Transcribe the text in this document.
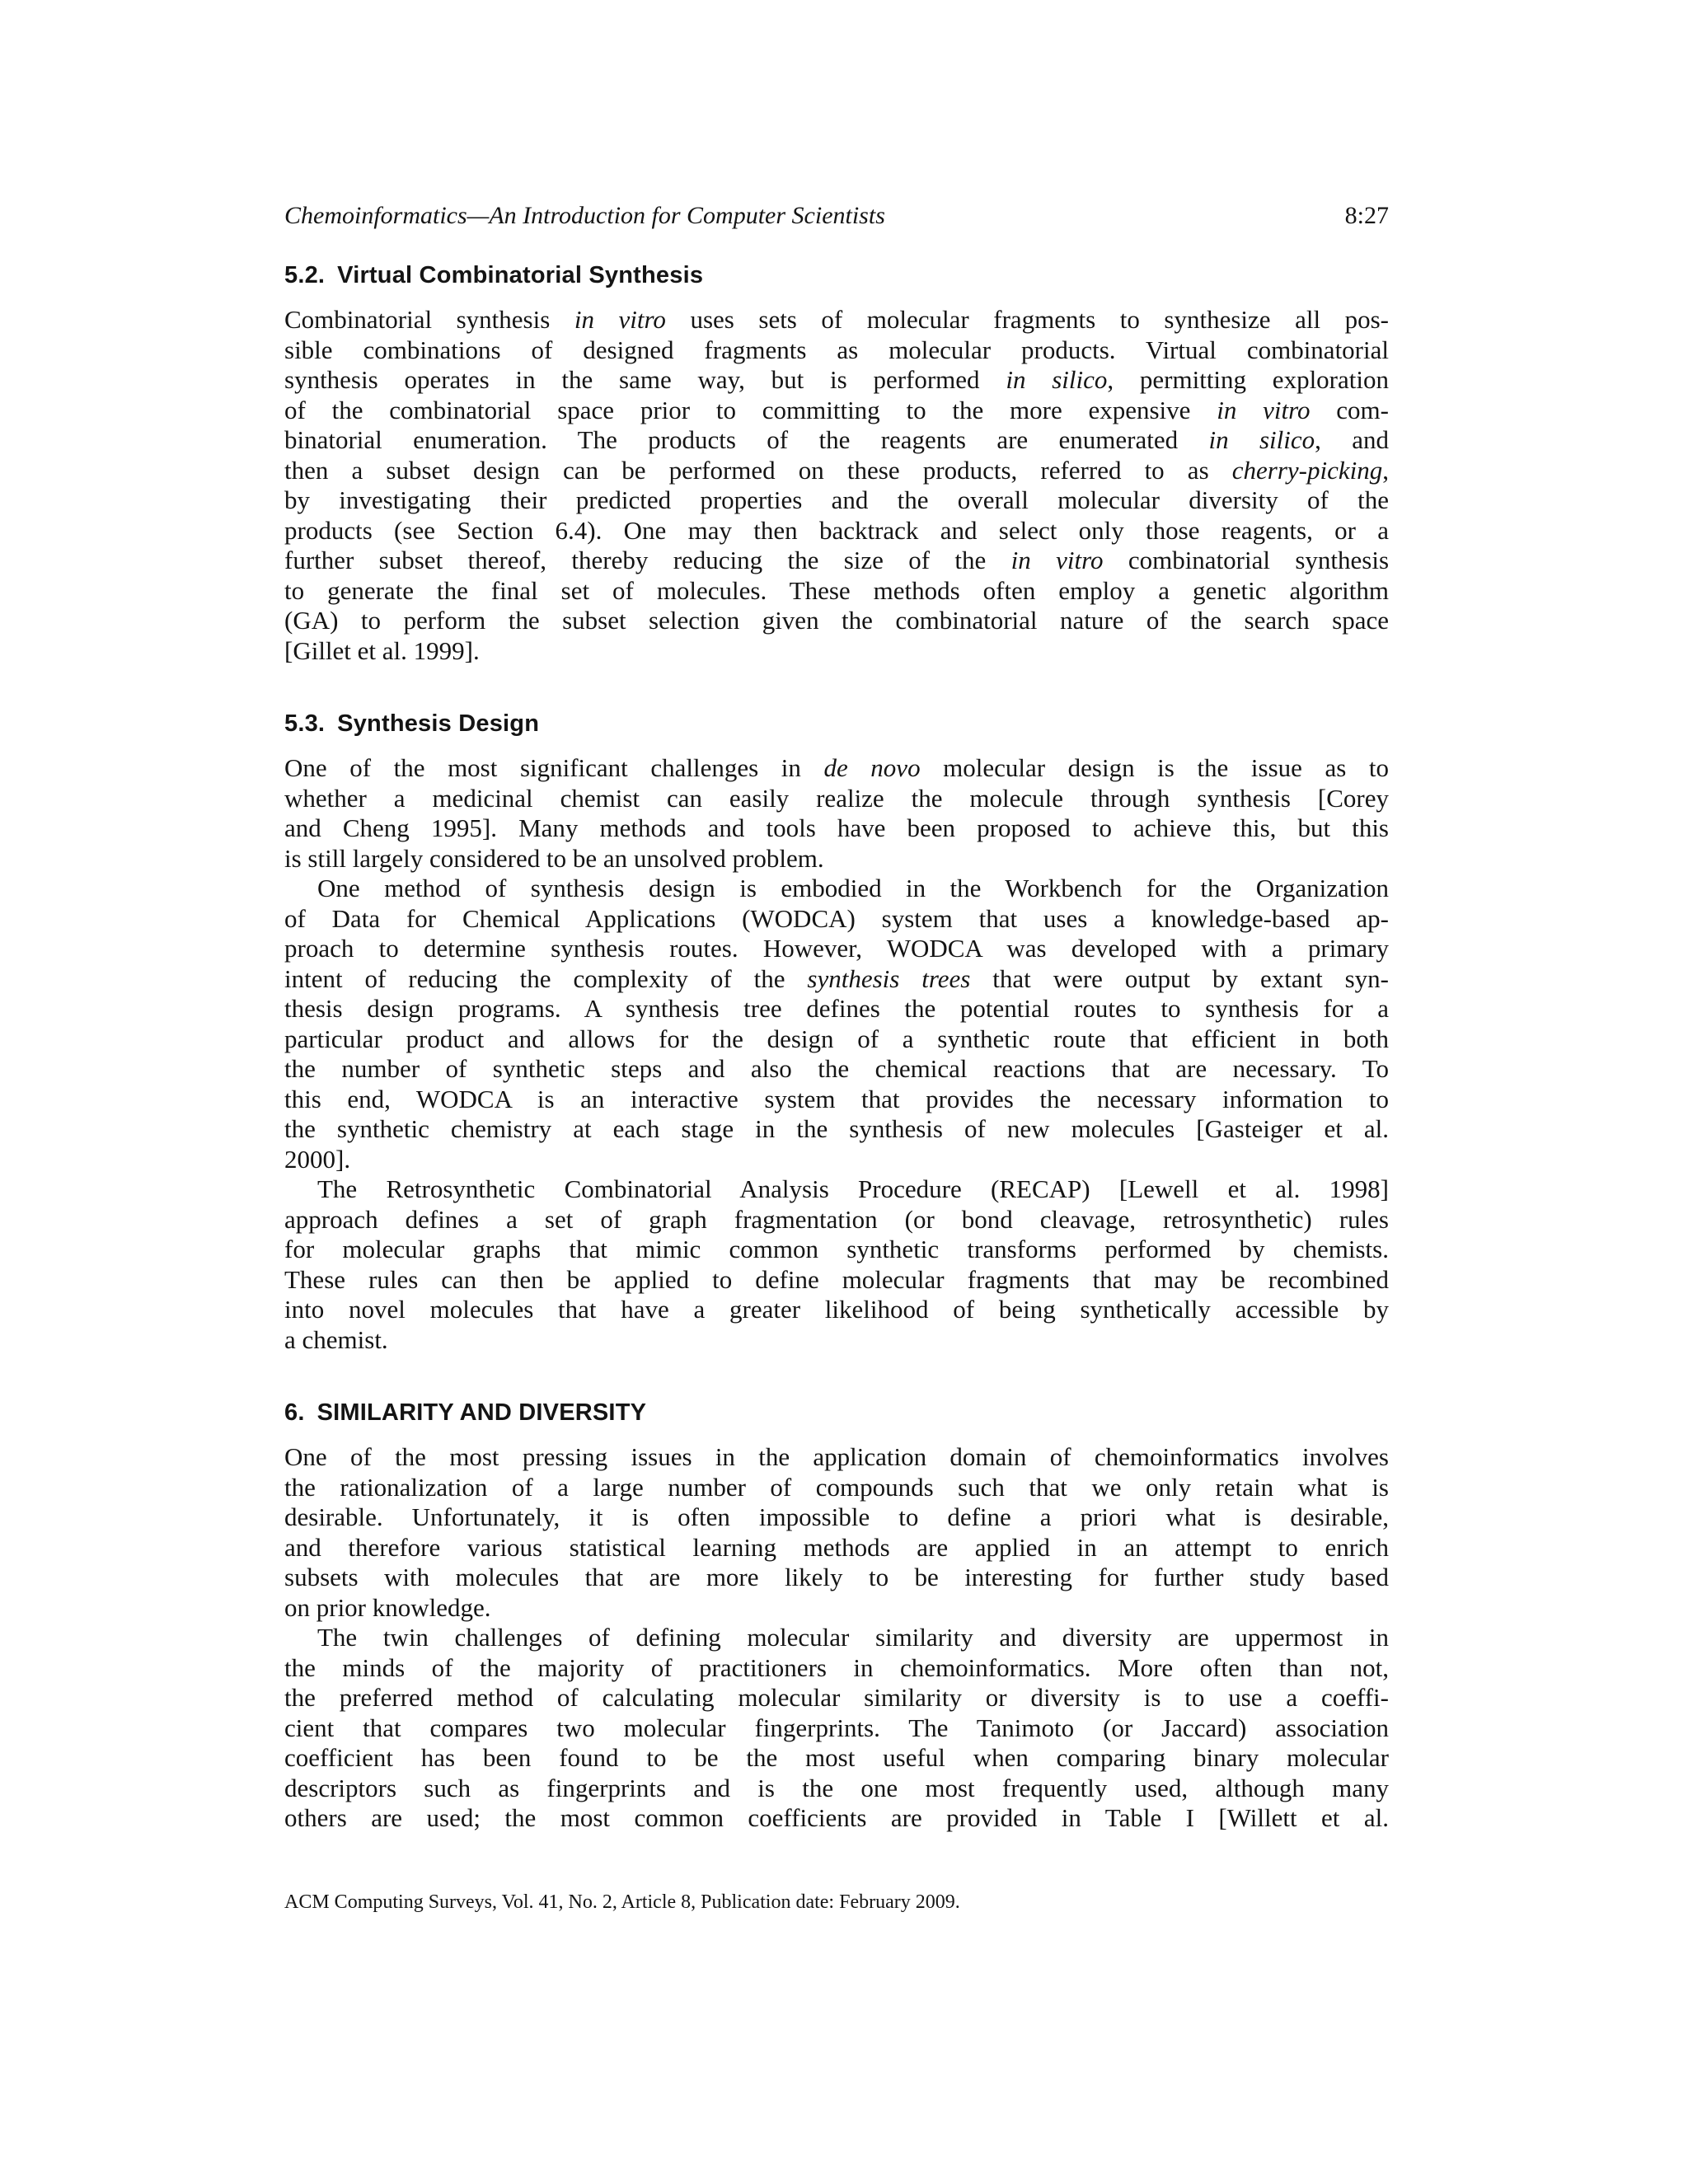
Chemoinformatics—An Introduction for Computer Scientists	8:27
5.2. Virtual Combinatorial Synthesis
Combinatorial synthesis in vitro uses sets of molecular fragments to synthesize all pos-
sible combinations of designed fragments as molecular products. Virtual combinatorial
synthesis operates in the same way, but is performed in silico, permitting exploration
of the combinatorial space prior to committing to the more expensive in vitro com-
binatorial enumeration. The products of the reagents are enumerated in silico, and
then a subset design can be performed on these products, referred to as cherry-picking,
by investigating their predicted properties and the overall molecular diversity of the
products (see Section 6.4). One may then backtrack and select only those reagents, or a
further subset thereof, thereby reducing the size of the in vitro combinatorial synthesis
to generate the final set of molecules. These methods often employ a genetic algorithm
(GA) to perform the subset selection given the combinatorial nature of the search space
[Gillet et al. 1999].
5.3. Synthesis Design
One of the most significant challenges in de novo molecular design is the issue as to
whether a medicinal chemist can easily realize the molecule through synthesis [Corey
and Cheng 1995]. Many methods and tools have been proposed to achieve this, but this
is still largely considered to be an unsolved problem.
One method of synthesis design is embodied in the Workbench for the Organization
of Data for Chemical Applications (WODCA) system that uses a knowledge-based ap-
proach to determine synthesis routes. However, WODCA was developed with a primary
intent of reducing the complexity of the synthesis trees that were output by extant syn-
thesis design programs. A synthesis tree defines the potential routes to synthesis for a
particular product and allows for the design of a synthetic route that efficient in both
the number of synthetic steps and also the chemical reactions that are necessary. To
this end, WODCA is an interactive system that provides the necessary information to
the synthetic chemistry at each stage in the synthesis of new molecules [Gasteiger et al.
2000].
The Retrosynthetic Combinatorial Analysis Procedure (RECAP) [Lewell et al. 1998]
approach defines a set of graph fragmentation (or bond cleavage, retrosynthetic) rules
for molecular graphs that mimic common synthetic transforms performed by chemists.
These rules can then be applied to define molecular fragments that may be recombined
into novel molecules that have a greater likelihood of being synthetically accessible by
a chemist.
6. SIMILARITY AND DIVERSITY
One of the most pressing issues in the application domain of chemoinformatics involves
the rationalization of a large number of compounds such that we only retain what is
desirable. Unfortunately, it is often impossible to define a priori what is desirable,
and therefore various statistical learning methods are applied in an attempt to enrich
subsets with molecules that are more likely to be interesting for further study based
on prior knowledge.
The twin challenges of defining molecular similarity and diversity are uppermost in
the minds of the majority of practitioners in chemoinformatics. More often than not,
the preferred method of calculating molecular similarity or diversity is to use a coeffi-
cient that compares two molecular fingerprints. The Tanimoto (or Jaccard) association
coefficient has been found to be the most useful when comparing binary molecular
descriptors such as fingerprints and is the one most frequently used, although many
others are used; the most common coefficients are provided in Table I [Willett et al.
ACM Computing Surveys, Vol. 41, No. 2, Article 8, Publication date: February 2009.
